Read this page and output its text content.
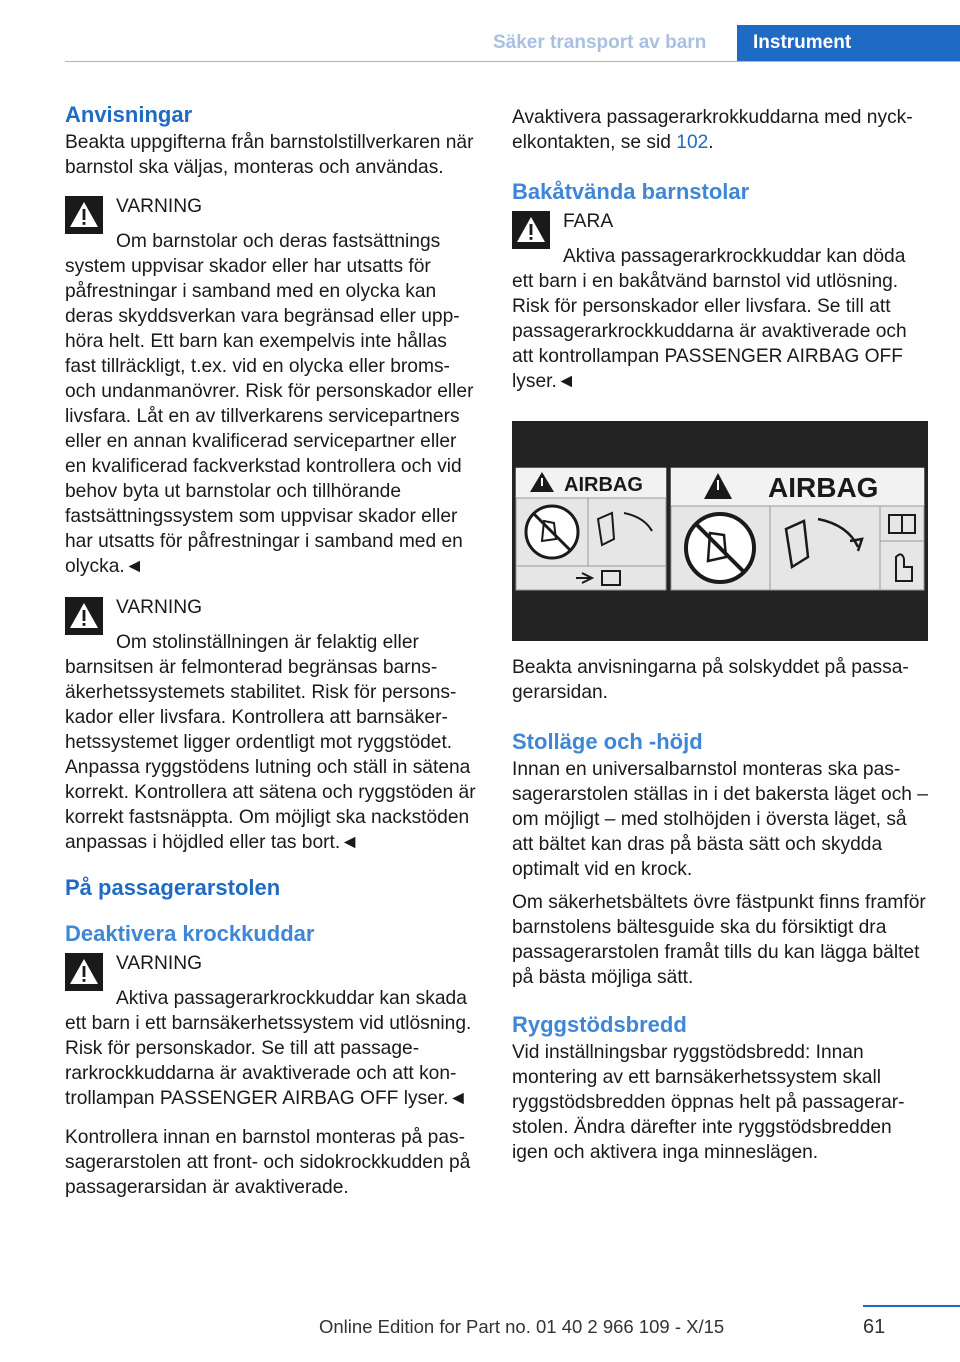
Säker transport av barn	Instrument
Anvisningar

Beakta uppgifterna från barnstolstillverkaren när barnstol ska väljas, monteras och användas.

VARNING

Om barnstolar och deras fastsättnings

system uppvisar skador eller har utsatts för påfrestningar i samband med en olycka kan deras skyddsverkan vara begränsad eller upphöra helt. Ett barn kan exempelvis inte hållas fast tillräckligt, t.ex. vid en olycka eller broms- och undanmanövrer. Risk för personskador eller livsfara. Låt en av tillverkarens servicepartners eller en annan kvalificerad servicepartner eller en kvalificerad fackverkstad kontrollera och vid behov byta ut barnstolar och tillhörande fastsättningssystem som uppvisar skador eller har utsatts för påfrestningar i samband med en olycka.◄

VARNING

Om stolinställningen är felaktig eller

barnsitsen är felmonterad begränsas barnsäkerhetssystemets stabilitet. Risk för personskador eller livsfara. Kontrollera att barnsäkerhetssystemet ligger ordentligt mot ryggstödet. Anpassa ryggstödens lutning och ställ in sätena korrekt. Kontrollera att sätena och ryggstöden är korrekt fastsnäppta. Om möjligt ska nackstöden anpassas i höjdled eller tas bort.◄

På passagerarstolen
Deaktivera krockkuddar

VARNING

Aktiva passagerarkrockkuddar kan skada

ett barn i ett barnsäkerhetssystem vid utlösning. Risk för personskador. Se till att passagerarkrockkuddarna är avaktiverade och att kontrollampan PASSENGER AIRBAG OFF lyser.◄

Kontrollera innan en barnstol monteras på passagerarstolen att front- och sidokrockkudden på passagerarsidan är avaktiverade.

Avaktivera passagerarkrokkuddarna med nyckelkontakten, se sid 102.

Bakåtvända barnstolar

FARA

Aktiva passagerarkrockkuddar kan döda

ett barn i en bakåtvänd barnstol vid utlösning. Risk för personskador eller livsfara. Se till att passagerarkrockkuddarna är avaktiverade och att kontrollampan PASSENGER AIRBAG OFF lyser.◄

AIRBAG	AIRBAG

Beakta anvisningarna på solskyddet på passagerarsidan.

Stolläge och -höjd

Innan en universalbarnstol monteras ska passagerarstolen ställas in i det bakersta läget och – om möjligt – med stolhöjden i översta läget, så att bältet kan dras på bästa sätt och skydda optimalt vid en krock.

Om säkerhetsbältets övre fästpunkt finns framför barnstolens bältesguide ska du försiktigt dra passagerarstolen framåt tills du kan lägga bältet på bästa möjliga sätt.

Ryggstödsbredd

Vid inställningsbar ryggstödsbredd: Innan montering av ett barnsäkerhetssystem skall ryggstödsbredden öppnas helt på passagerarstolen. Ändra därefter inte ryggstödsbredden igen och aktivera inga minneslägen.

Online Edition for Part no. 01 40 2 966 109 - X/15	61
